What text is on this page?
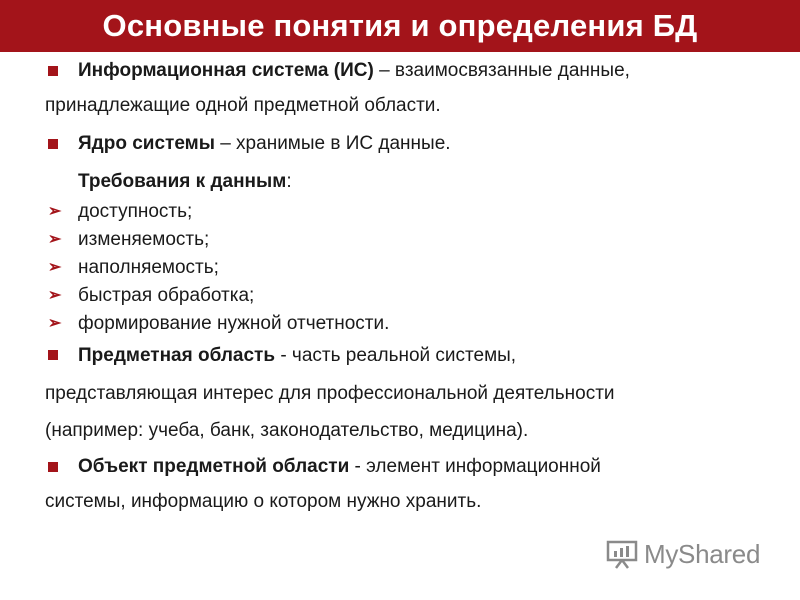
Основные понятия и определения БД
Информационная система (ИС) – взаимосвязанные данные,
принадлежащие одной предметной области.
Ядро системы – хранимые в ИС данные.
Требования к данным:
➢ доступность;
➢ изменяемость;
➢ наполняемость;
➢ быстрая обработка;
➢ формирование нужной отчетности.
Предметная область - часть реальной системы,
представляющая интерес для профессиональной деятельности
(например: учеба, банк, законодательство, медицина).
Объект предметной области - элемент информационной
системы, информацию о котором нужно хранить.
MyShared
